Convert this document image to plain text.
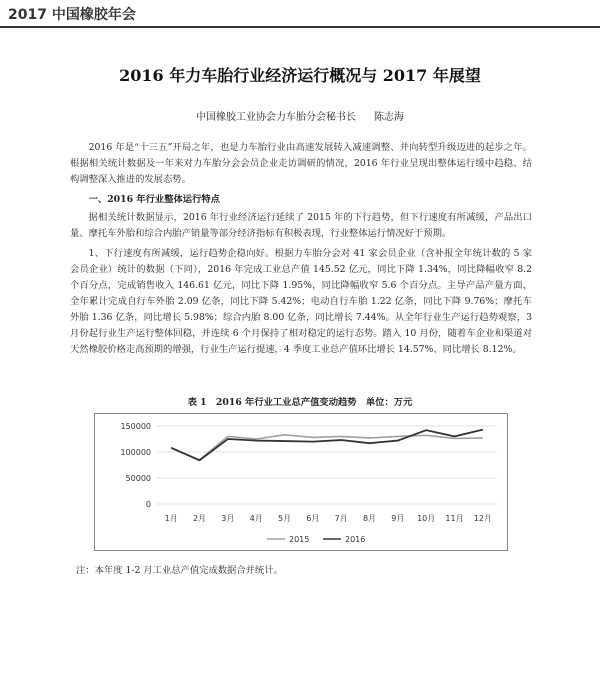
2017 中国橡胶年会
2016 年力车胎行业经济运行概况与 2017 年展望
中国橡胶工业协会力车胎分会秘书长 陈志海

2016 年是“十三五”开局之年，也是力车胎行业由高速发展转入减速调整、并向转型升级迈进的起步之年。根据相关统计数据及一年来对力车胎分会会员企业走访调研的情况，2016 年行业呈现出整体运行缓中趋稳、结构调整深入推进的发展态势。

一、2016 年行业整体运行特点

据相关统计数据显示，2016 年行业经济运行延续了 2015 年的下行趋势，但下行速度有所减缓，产品出口量、摩托车外胎和综合内胎产销量等部分经济指标有积极表现，行业整体运行情况好于预期。

1、下行速度有所减缓，运行趋势企稳向好。根据力车胎分会对 41 家会员企业（含补报全年统计数的 5 家会员企业）统计的数据（下同），2016 年完成工业总产值 145.52 亿元，同比下降 1.34%，同比降幅收窄 8.2 个百分点，完成销售收入 146.61 亿元，同比下降 1.95%，同比降幅收窄 5.6 个百分点。主导产品产量方面，全年累计完成自行车外胎 2.09 亿条，同比下降 5.42%；电动自行车胎 1.22 亿条，同比下降 9.76%；摩托车外胎 1.36 亿条，同比增长 5.98%；综合内胎 8.00 亿条，同比增长 7.44%。从全年行业生产运行趋势观察，3 月份起行业生产运行整体回稳，并连续 6 个月保持了相对稳定的运行态势。踏入 10 月份，随着车企业和渠道对天然橡胶价格走高预期的增强，行业生产运行提速，4 季度工业总产值环比增长 14.57%、同比增长 8.12%。

表 1　2016 年行业工业总产值变动趋势　单位：万元
150000
100000
50000
0
1月 2月 3月 4月 5月 6月 7月 8月 9月 10月 11月 12月
2015	2016
注：本年度 1-2 月工业总产值完成数据合并统计。
